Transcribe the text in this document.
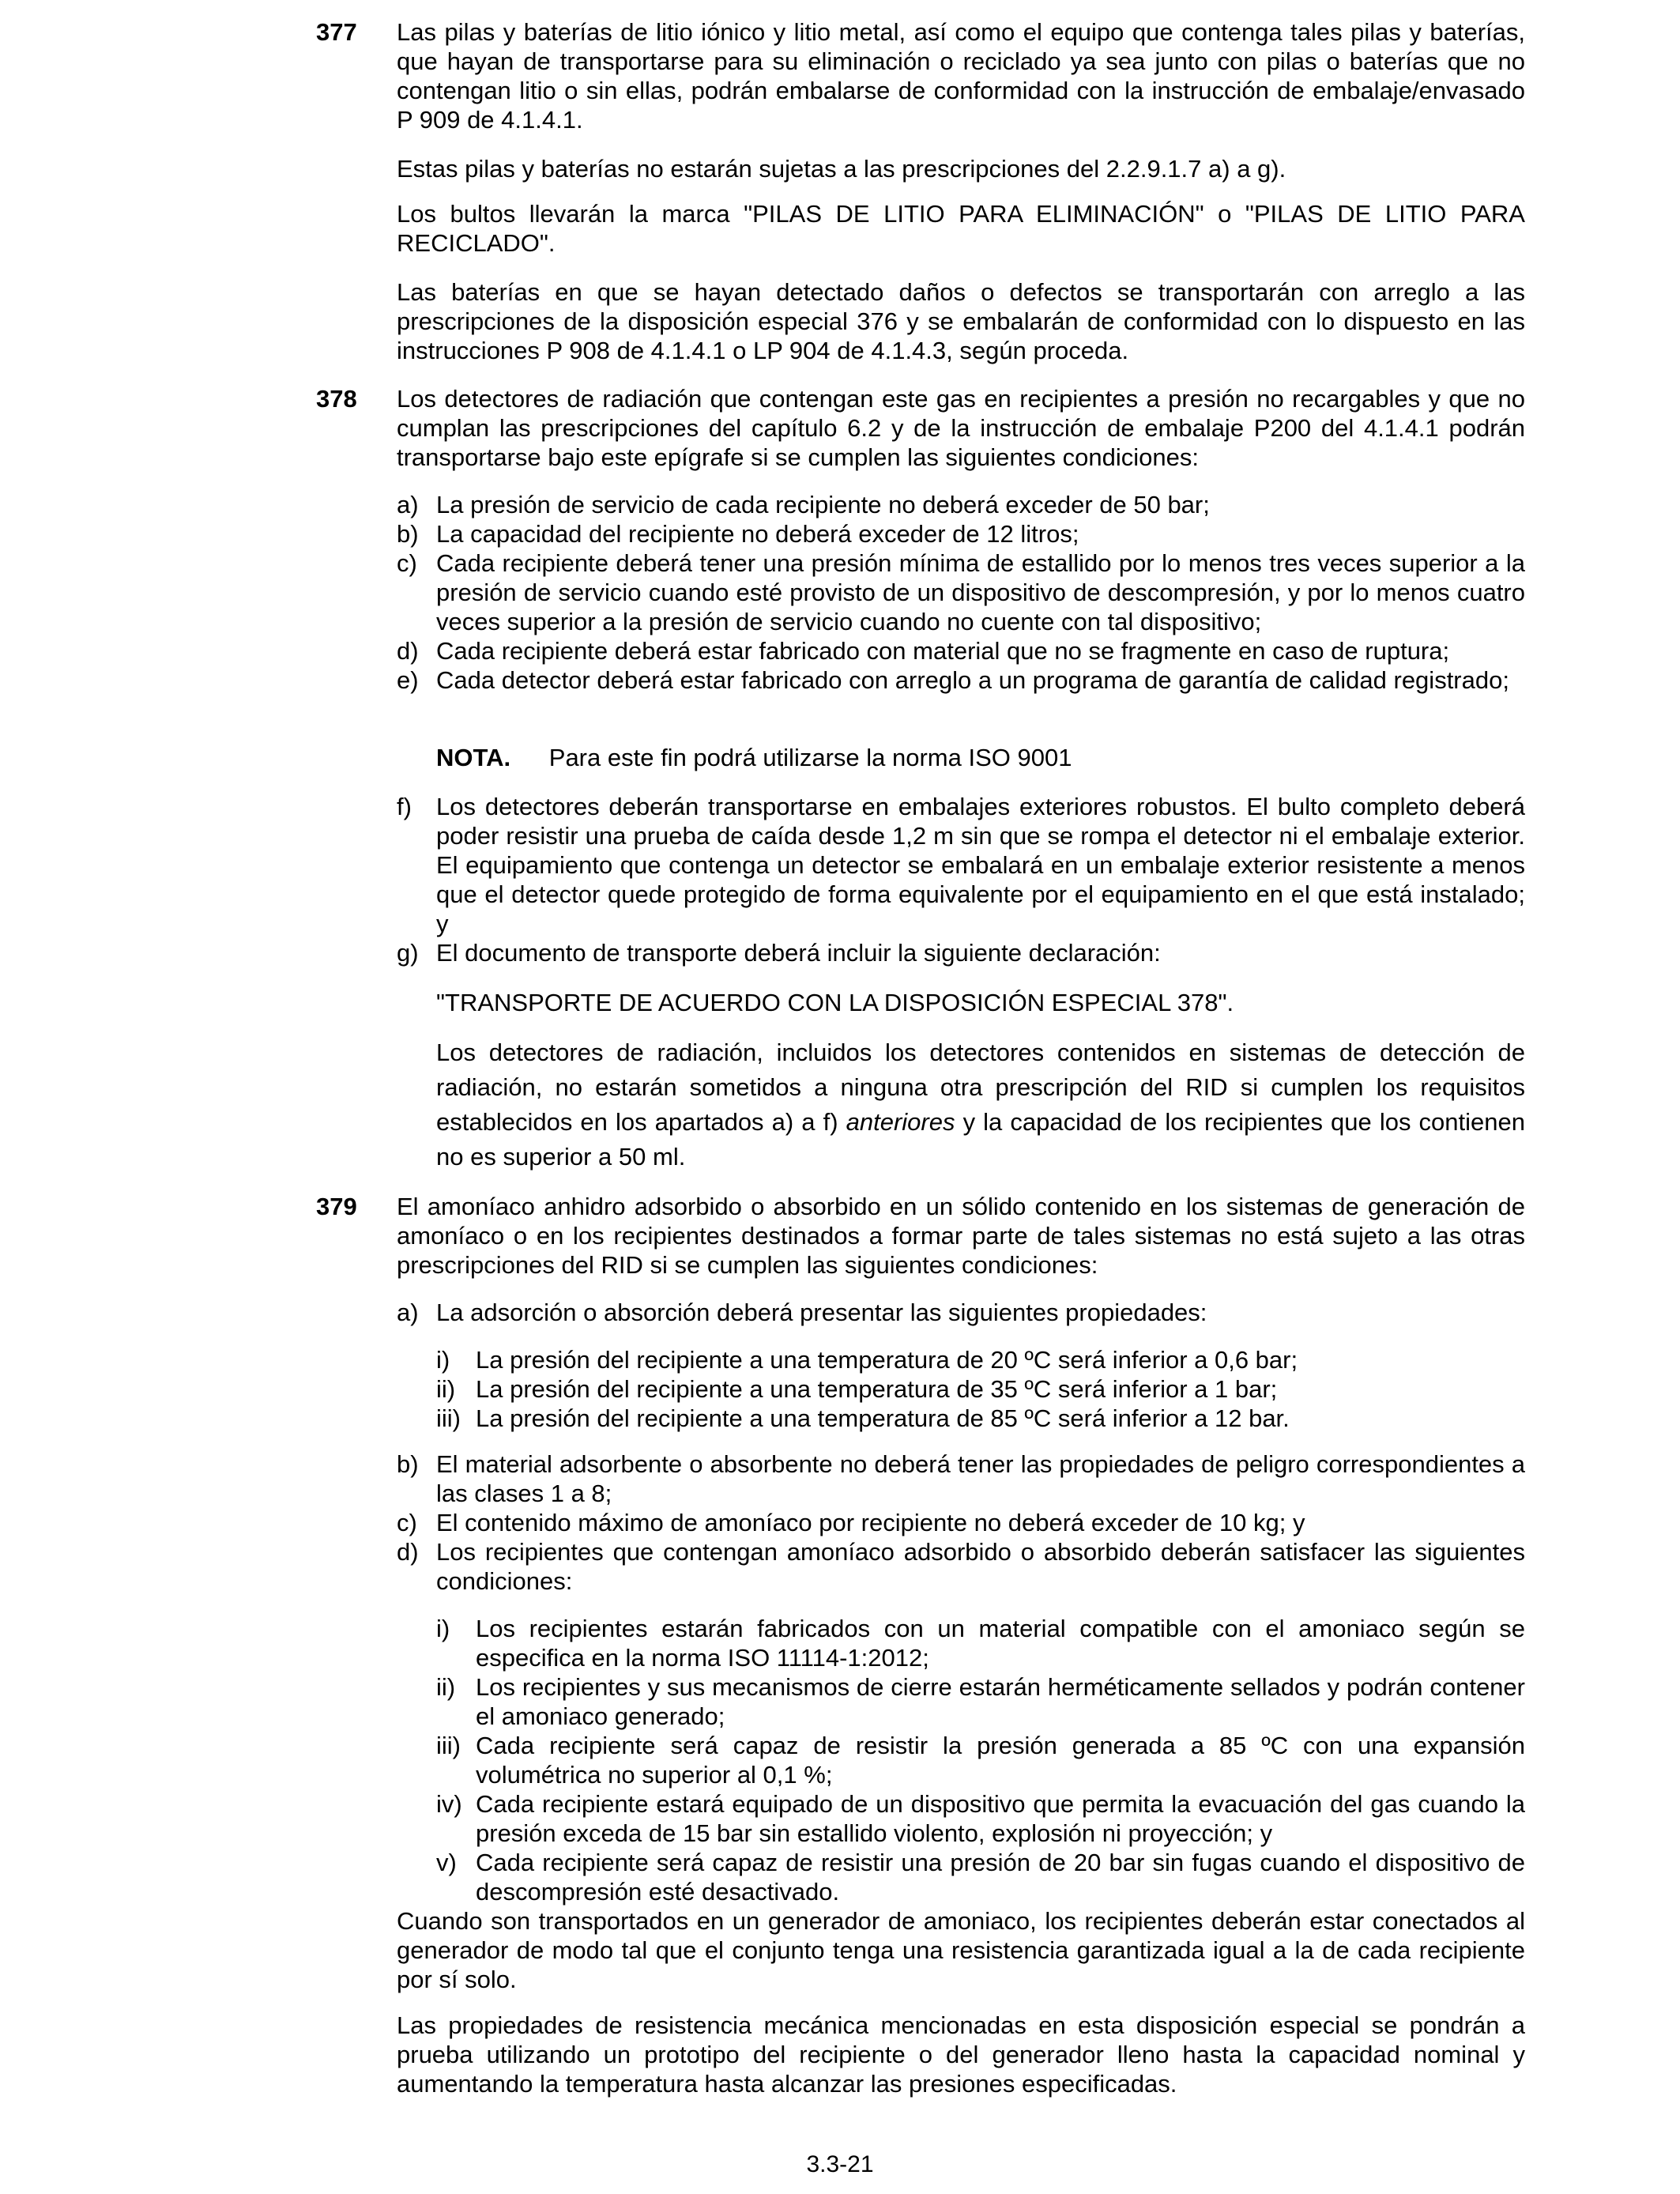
377 Las pilas y baterías de litio iónico y litio metal, así como el equipo que contenga tales pilas y baterías, que hayan de transportarse para su eliminación o reciclado ya sea junto con pilas o baterías que no contengan litio o sin ellas, podrán embalarse de conformidad con la instrucción de embalaje/envasado P 909 de 4.1.4.1.

Estas pilas y baterías no estarán sujetas a las prescripciones del 2.2.9.1.7 a) a g).

Los bultos llevarán la marca "PILAS DE LITIO PARA ELIMINACIÓN" o "PILAS DE LITIO PARA RECICLADO".

Las baterías en que se hayan detectado daños o defectos se transportarán con arreglo a las prescripciones de la disposición especial 376 y se embalarán de conformidad con lo dispuesto en las instrucciones P 908 de 4.1.4.1 o LP 904 de 4.1.4.3, según proceda.

378 Los detectores de radiación que contengan este gas en recipientes a presión no recargables y que no cumplan las prescripciones del capítulo 6.2 y de la instrucción de embalaje P200 del 4.1.4.1 podrán transportarse bajo este epígrafe si se cumplen las siguientes condiciones:

a) La presión de servicio de cada recipiente no deberá exceder de 50 bar;
b) La capacidad del recipiente no deberá exceder de 12 litros;
c) Cada recipiente deberá tener una presión mínima de estallido por lo menos tres veces superior a la presión de servicio cuando esté provisto de un dispositivo de descompresión, y por lo menos cuatro veces superior a la presión de servicio cuando no cuente con tal dispositivo;
d) Cada recipiente deberá estar fabricado con material que no se fragmente en caso de ruptura;
e) Cada detector deberá estar fabricado con arreglo a un programa de garantía de calidad registrado;
NOTA. Para este fin podrá utilizarse la norma ISO 9001
f) Los detectores deberán transportarse en embalajes exteriores robustos. El bulto completo deberá poder resistir una prueba de caída desde 1,2 m sin que se rompa el detector ni el embalaje exterior. El equipamiento que contenga un detector se embalará en un embalaje exterior resistente a menos que el detector quede protegido de forma equivalente por el equipamiento en el que está instalado; y
g) El documento de transporte deberá incluir la siguiente declaración:
"TRANSPORTE DE ACUERDO CON LA DISPOSICIÓN ESPECIAL 378".
Los detectores de radiación, incluidos los detectores contenidos en sistemas de detección de radiación, no estarán sometidos a ninguna otra prescripción del RID si cumplen los requisitos establecidos en los apartados a) a f) anteriores y la capacidad de los recipientes que los contienen no es superior a 50 ml.
379 El amoníaco anhidro adsorbido o absorbido en un sólido contenido en los sistemas de generación de amoníaco o en los recipientes destinados a formar parte de tales sistemas no está sujeto a las otras prescripciones del RID si se cumplen las siguientes condiciones:

a) La adsorción o absorción deberá presentar las siguientes propiedades:
i) La presión del recipiente a una temperatura de 20 ºC será inferior a 0,6 bar;
ii) La presión del recipiente a una temperatura de 35 ºC será inferior a 1 bar;
iii) La presión del recipiente a una temperatura de 85 ºC será inferior a 12 bar.
b) El material adsorbente o absorbente no deberá tener las propiedades de peligro correspondientes a las clases 1 a 8;
c) El contenido máximo de amoníaco por recipiente no deberá exceder de 10 kg; y
d) Los recipientes que contengan amoníaco adsorbido o absorbido deberán satisfacer las siguientes condiciones:
i) Los recipientes estarán fabricados con un material compatible con el amoniaco según se especifica en la norma ISO 11114-1:2012;
ii) Los recipientes y sus mecanismos de cierre estarán herméticamente sellados y podrán contener el amoniaco generado;
iii) Cada recipiente será capaz de resistir la presión generada a 85 ºC con una expansión volumétrica no superior al 0,1 %;
iv) Cada recipiente estará equipado de un dispositivo que permita la evacuación del gas cuando la presión exceda de 15 bar sin estallido violento, explosión ni proyección; y
v) Cada recipiente será capaz de resistir una presión de 20 bar sin fugas cuando el dispositivo de descompresión esté desactivado.

Cuando son transportados en un generador de amoniaco, los recipientes deberán estar conectados al generador de modo tal que el conjunto tenga una resistencia garantizada igual a la de cada recipiente por sí solo.

Las propiedades de resistencia mecánica mencionadas en esta disposición especial se pondrán a prueba utilizando un prototipo del recipiente o del generador lleno hasta la capacidad nominal y aumentando la temperatura hasta alcanzar las presiones especificadas.

3.3-21
